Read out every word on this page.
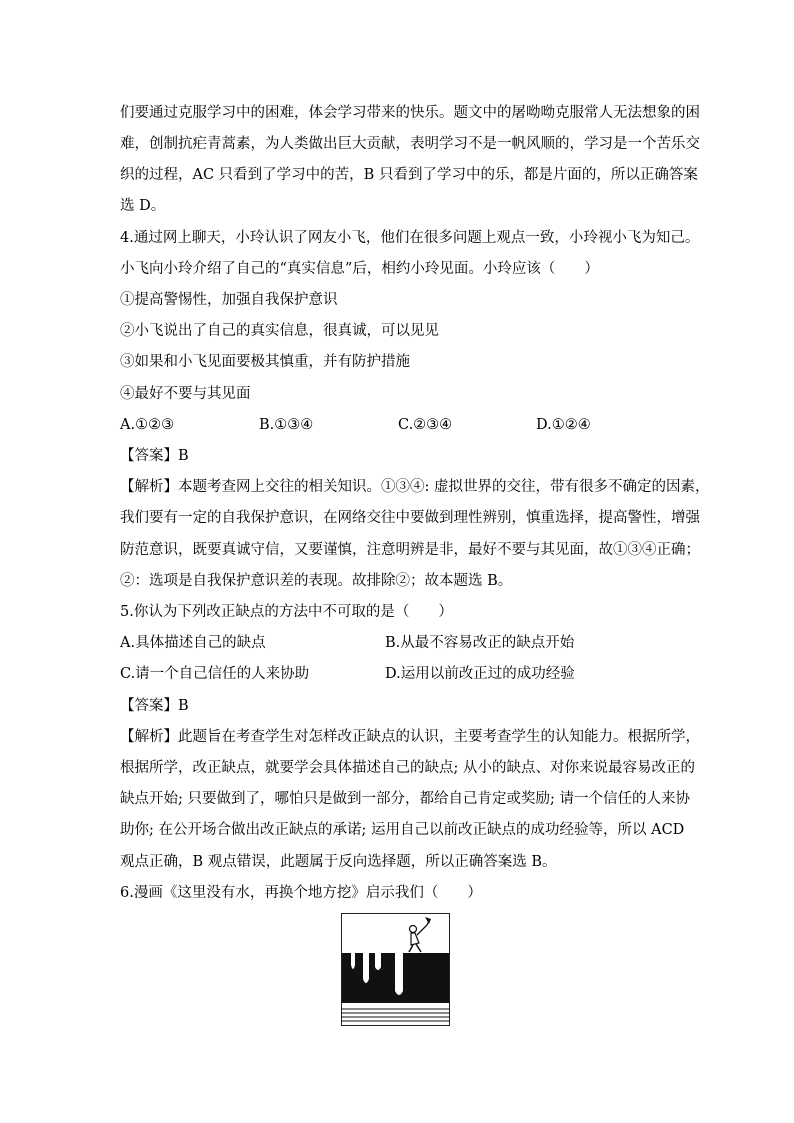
们要通过克服学习中的困难，体会学习带来的快乐。题文中的屠呦呦克服常人无法想象的困
难，创制抗疟青蒿素，为人类做出巨大贡献，表明学习不是一帆风顺的，学习是一个苦乐交
织的过程，AC 只看到了学习中的苦，B 只看到了学习中的乐，都是片面的，所以正确答案
选 D。
4.通过网上聊天，小玲认识了网友小飞，他们在很多问题上观点一致，小玲视小飞为知己。
小飞向小玲介绍了自己的“真实信息”后，相约小玲见面。小玲应该（　　）
①提高警惕性，加强自我保护意识
②小飞说出了自己的真实信息，很真诚，可以见见
③如果和小飞见面要极其慎重，并有防护措施
④最好不要与其见面
A.①②③	B.①③④	C.②③④	D.①②④
【答案】B
【解析】本题考查网上交往的相关知识。①③④: 虚拟世界的交往，带有很多不确定的因素，
我们要有一定的自我保护意识，在网络交往中要做到理性辨别，慎重选择，提高警性，增强
防范意识，既要真诚守信，又要谨慎，注意明辨是非，最好不要与其见面，故①③④正确；
②：选项是自我保护意识差的表现。故排除②；故本题选 B。
5.你认为下列改正缺点的方法中不可取的是（　　）
A.具体描述自己的缺点	B.从最不容易改正的缺点开始
C.请一个自己信任的人来协助	D.运用以前改正过的成功经验
【答案】B
【解析】此题旨在考查学生对怎样改正缺点的认识，主要考查学生的认知能力。根据所学，
根据所学，改正缺点，就要学会具体描述自己的缺点; 从小的缺点、对你来说最容易改正的
缺点开始; 只要做到了，哪怕只是做到一部分，都给自己肯定或奖励; 请一个信任的人来协
助你; 在公开场合做出改正缺点的承诺; 运用自己以前改正缺点的成功经验等，所以 ACD
观点正确，B 观点错误，此题属于反向选择题，所以正确答案选 B。
6.漫画《这里没有水，再换个地方挖》启示我们（　　）
